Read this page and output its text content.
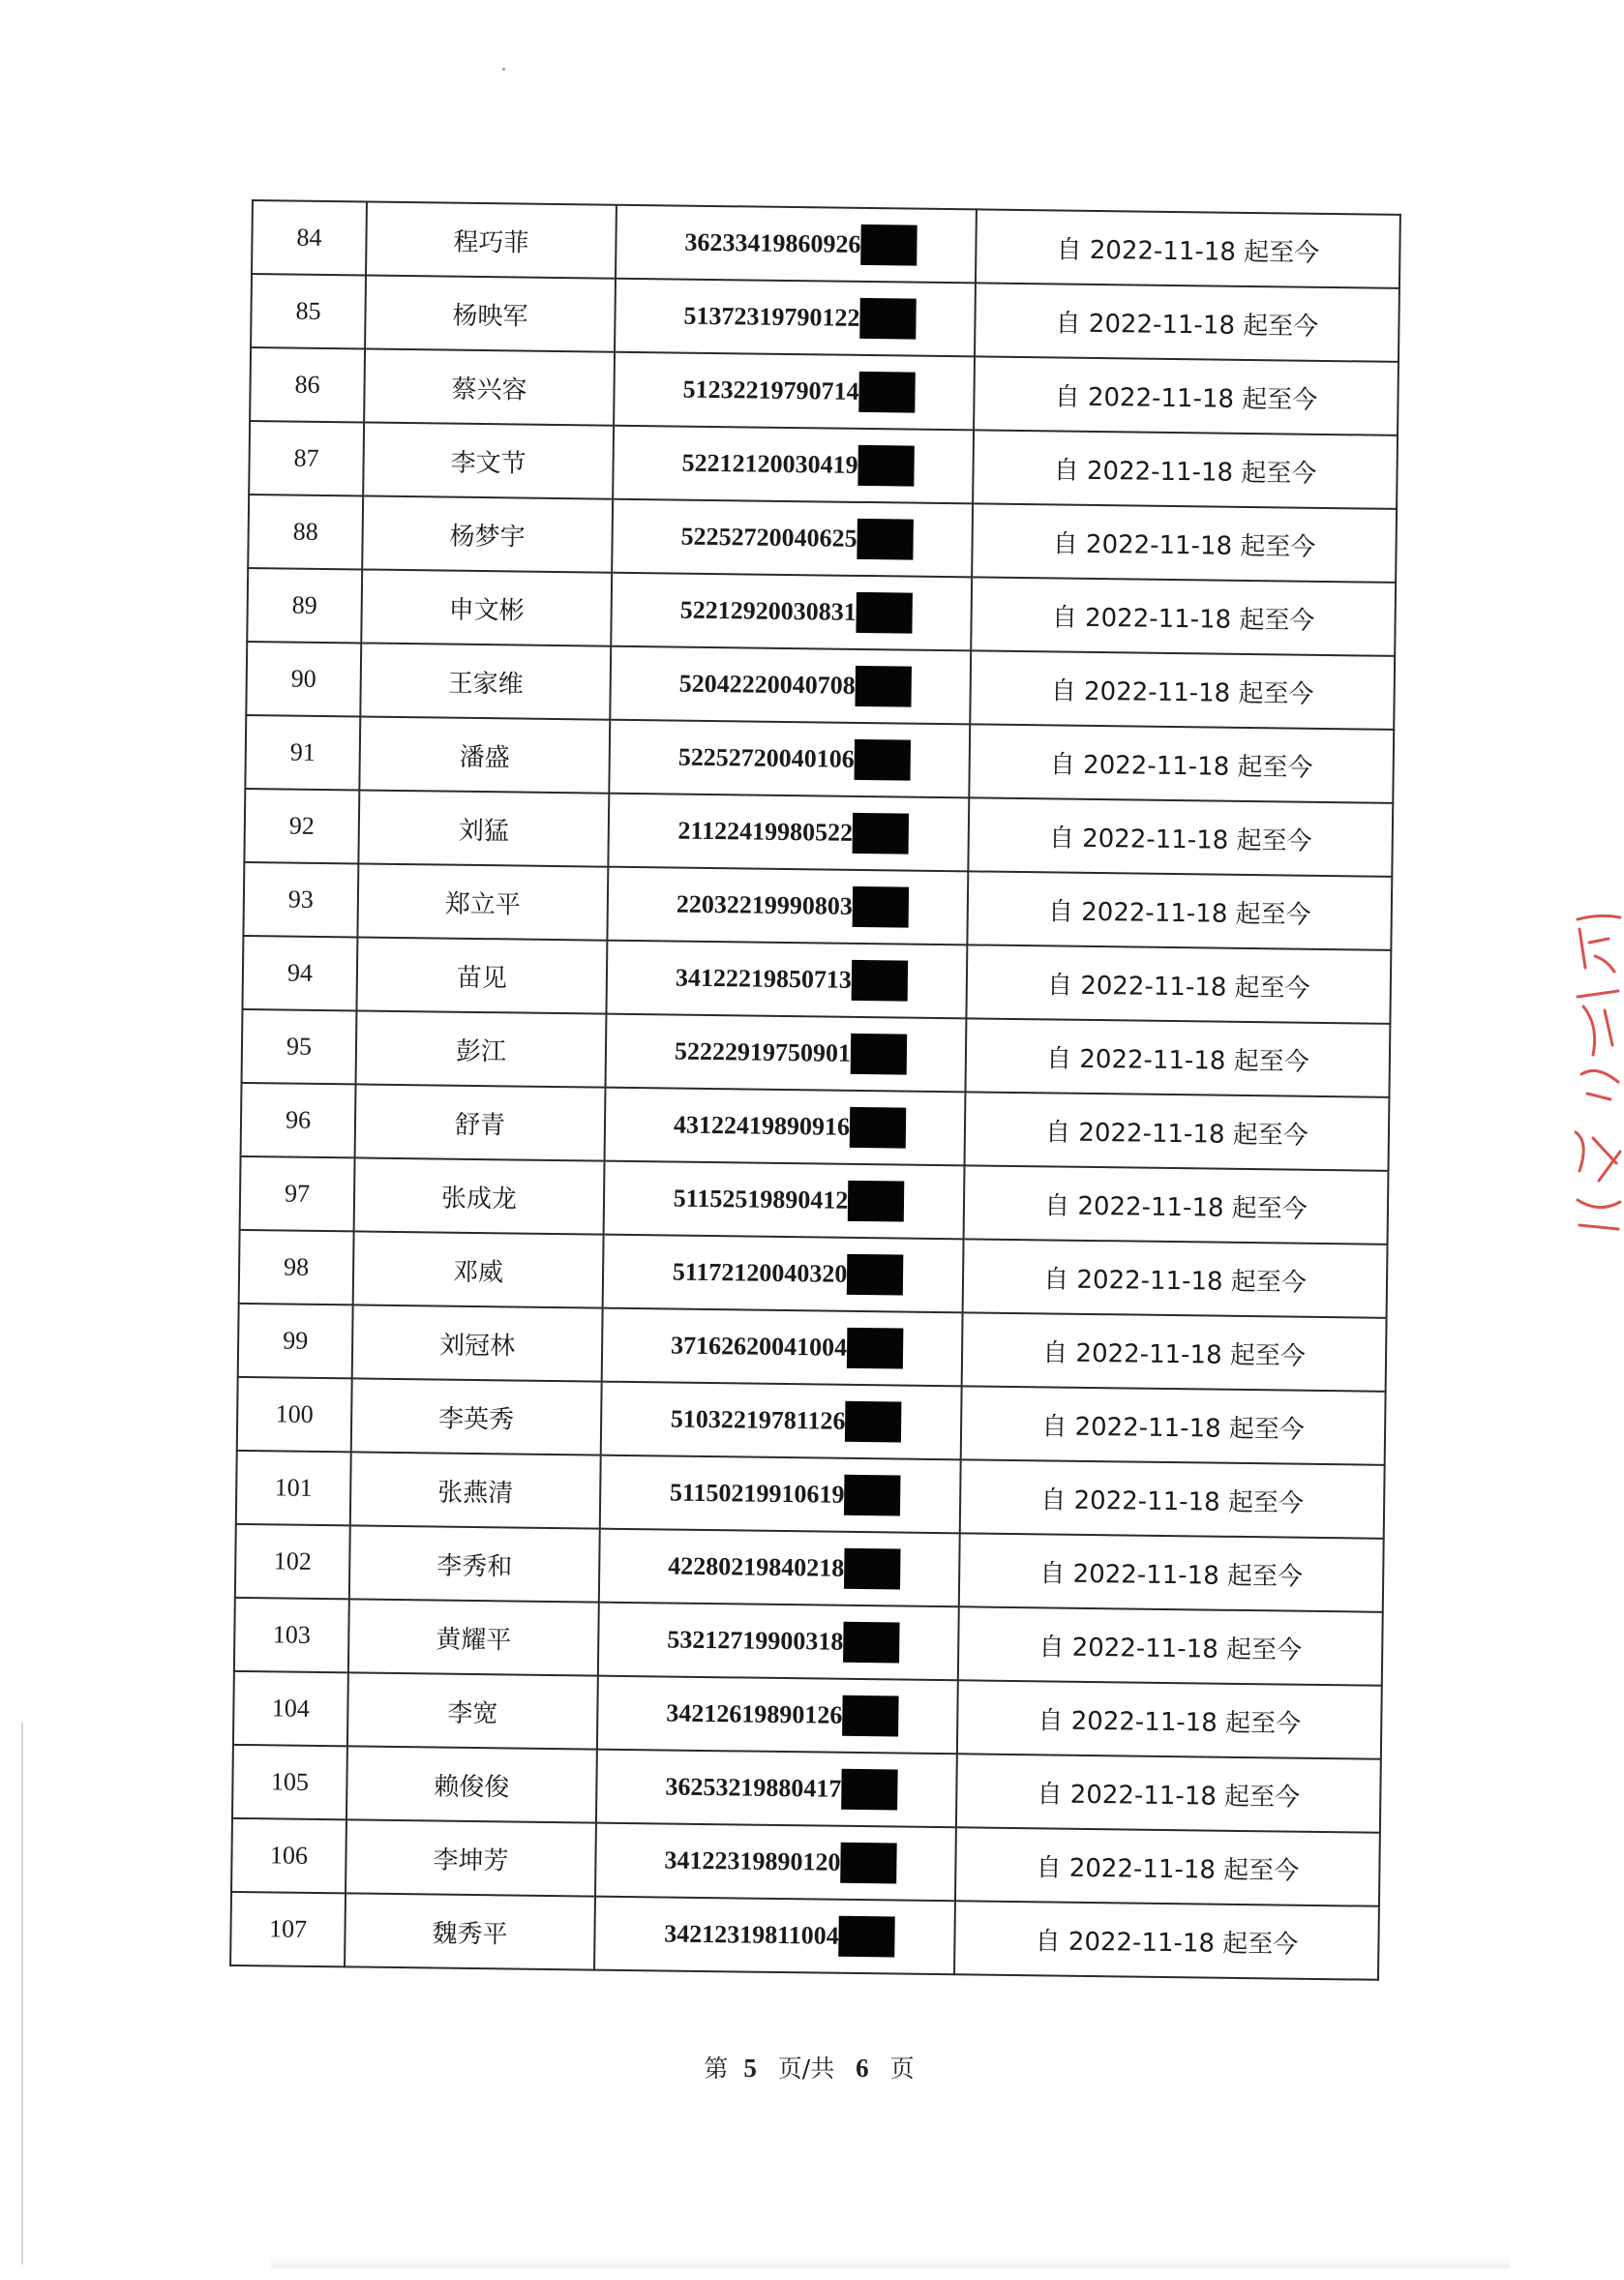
84	程巧菲	36233419860926	自 2022-11-18 起至今
85	杨映军	51372319790122	自 2022-11-18 起至今
86	蔡兴容	51232219790714	自 2022-11-18 起至今
87	李文节	52212120030419	自 2022-11-18 起至今
88	杨梦宇	52252720040625	自 2022-11-18 起至今
89	申文彬	52212920030831	自 2022-11-18 起至今
90	王家维	52042220040708	自 2022-11-18 起至今
91	潘盛	52252720040106	自 2022-11-18 起至今
92	刘猛	21122419980522	自 2022-11-18 起至今
93	郑立平	22032219990803	自 2022-11-18 起至今
94	苗见	34122219850713	自 2022-11-18 起至今
95	彭江	52222919750901	自 2022-11-18 起至今
96	舒青	43122419890916	自 2022-11-18 起至今
97	张成龙	51152519890412	自 2022-11-18 起至今
98	邓威	51172120040320	自 2022-11-18 起至今
99	刘冠林	37162620041004	自 2022-11-18 起至今
100	李英秀	51032219781126	自 2022-11-18 起至今
101	张燕清	51150219910619	自 2022-11-18 起至今
102	李秀和	42280219840218	自 2022-11-18 起至今
103	黄耀平	53212719900318	自 2022-11-18 起至今
104	李宽	34212619890126	自 2022-11-18 起至今
105	赖俊俊	36253219880417	自 2022-11-18 起至今
106	李坤芳	34122319890120	自 2022-11-18 起至今
107	魏秀平	34212319811004	自 2022-11-18 起至今
第 5 页/共 6 页
